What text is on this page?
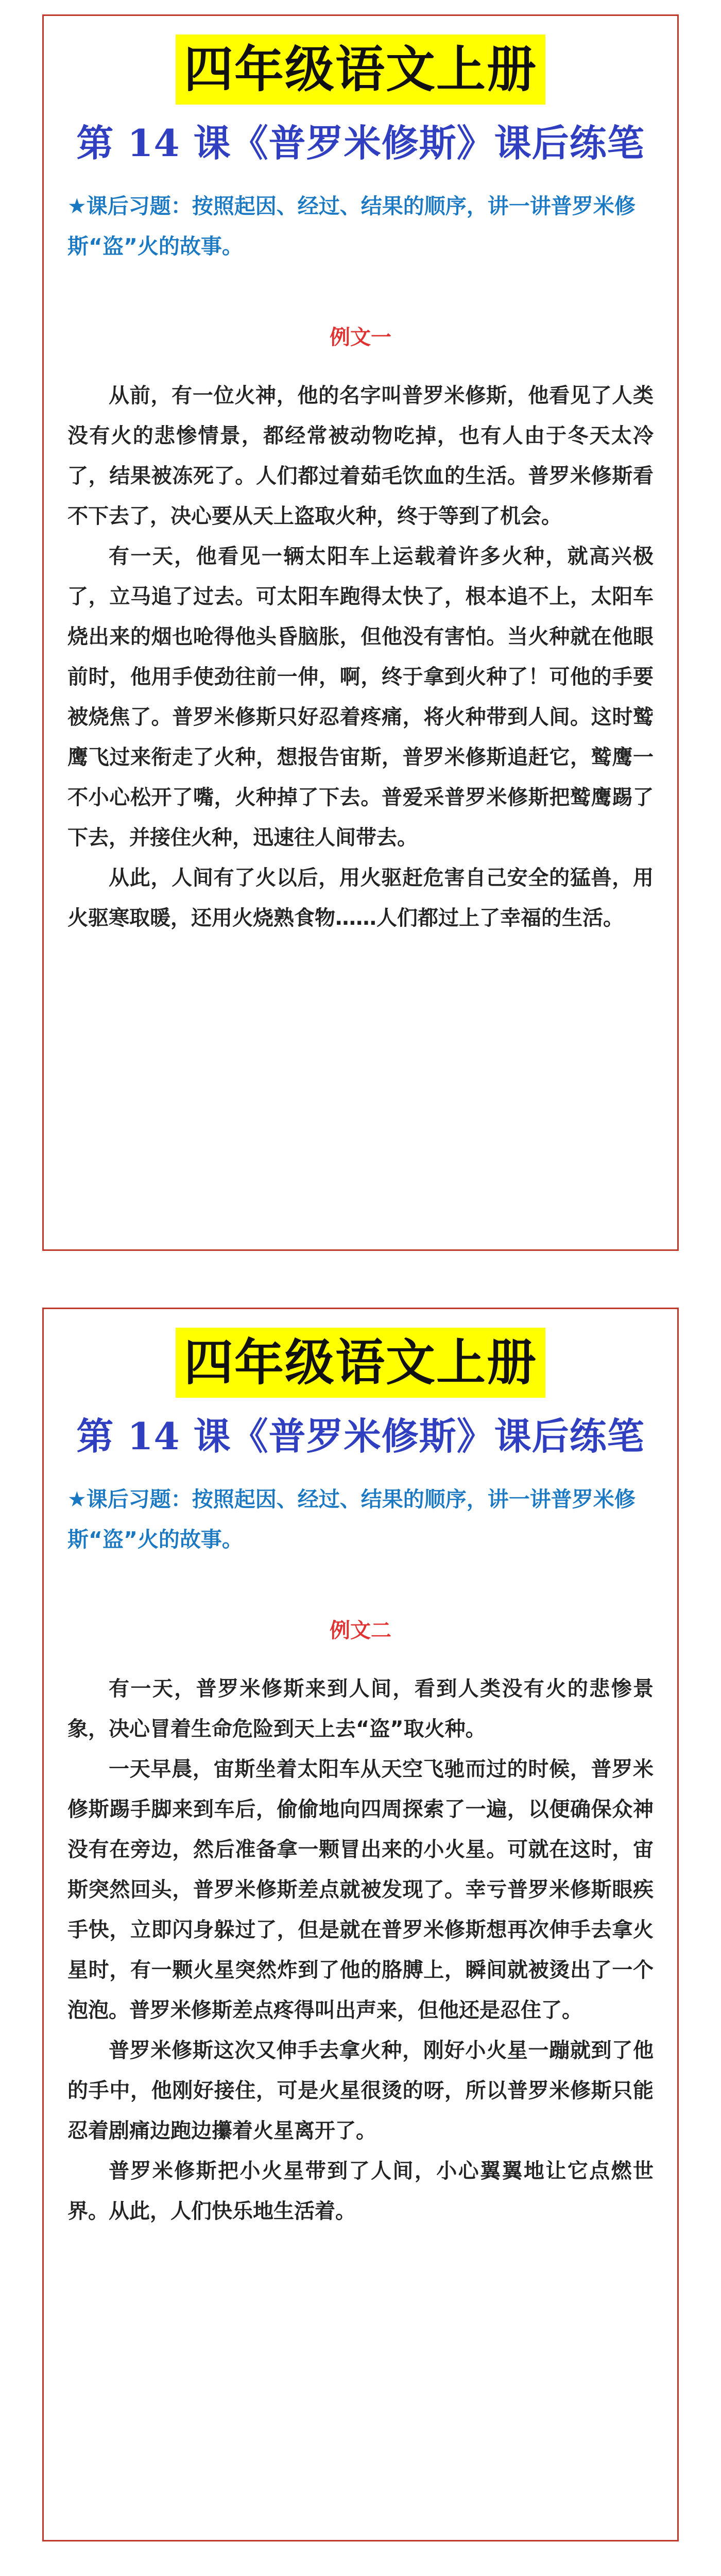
四年级语文上册
第 14 课《普罗米修斯》课后练笔
★课后习题：按照起因、经过、结果的顺序，讲一讲普罗米修斯“盗”火的故事。
例文一

从前，有一位火神，他的名字叫普罗米修斯，他看见了人类没有火的悲惨情景，都经常被动物吃掉，也有人由于冬天太冷了，结果被冻死了。人们都过着茹毛饮血的生活。普罗米修斯看不下去了，决心要从天上盗取火种，终于等到了机会。

有一天，他看见一辆太阳车上运载着许多火种，就高兴极了，立马追了过去。可太阳车跑得太快了，根本追不上，太阳车烧出来的烟也呛得他头昏脑胀，但他没有害怕。当火种就在他眼前时，他用手使劲往前一伸，啊，终于拿到火种了！可他的手要被烧焦了。普罗米修斯只好忍着疼痛，将火种带到人间。这时鹫鹰飞过来衔走了火种，想报告宙斯，普罗米修斯追赶它，鹫鹰一不小心松开了嘴，火种掉了下去。普爱采普罗米修斯把鹫鹰踢了下去，并接住火种，迅速往人间带去。

从此，人间有了火以后，用火驱赶危害自己安全的猛兽，用火驱寒取暖，还用火烧熟食物……人们都过上了幸福的生活。

四年级语文上册
第 14 课《普罗米修斯》课后练笔
★课后习题：按照起因、经过、结果的顺序，讲一讲普罗米修斯“盗”火的故事。
例文二

有一天，普罗米修斯来到人间，看到人类没有火的悲惨景象，决心冒着生命危险到天上去“盗”取火种。

一天早晨，宙斯坐着太阳车从天空飞驰而过的时候，普罗米修斯踢手脚来到车后，偷偷地向四周探索了一遍，以便确保众神没有在旁边，然后准备拿一颗冒出来的小火星。可就在这时，宙斯突然回头，普罗米修斯差点就被发现了。幸亏普罗米修斯眼疾手快，立即闪身躲过了，但是就在普罗米修斯想再次伸手去拿火星时，有一颗火星突然炸到了他的胳膊上，瞬间就被烫出了一个泡泡。普罗米修斯差点疼得叫出声来，但他还是忍住了。

普罗米修斯这次又伸手去拿火种，刚好小火星一蹦就到了他的手中，他刚好接住，可是火星很烫的呀，所以普罗米修斯只能忍着剧痛边跑边攥着火星离开了。

普罗米修斯把小火星带到了人间，小心翼翼地让它点燃世界。从此，人们快乐地生活着。
